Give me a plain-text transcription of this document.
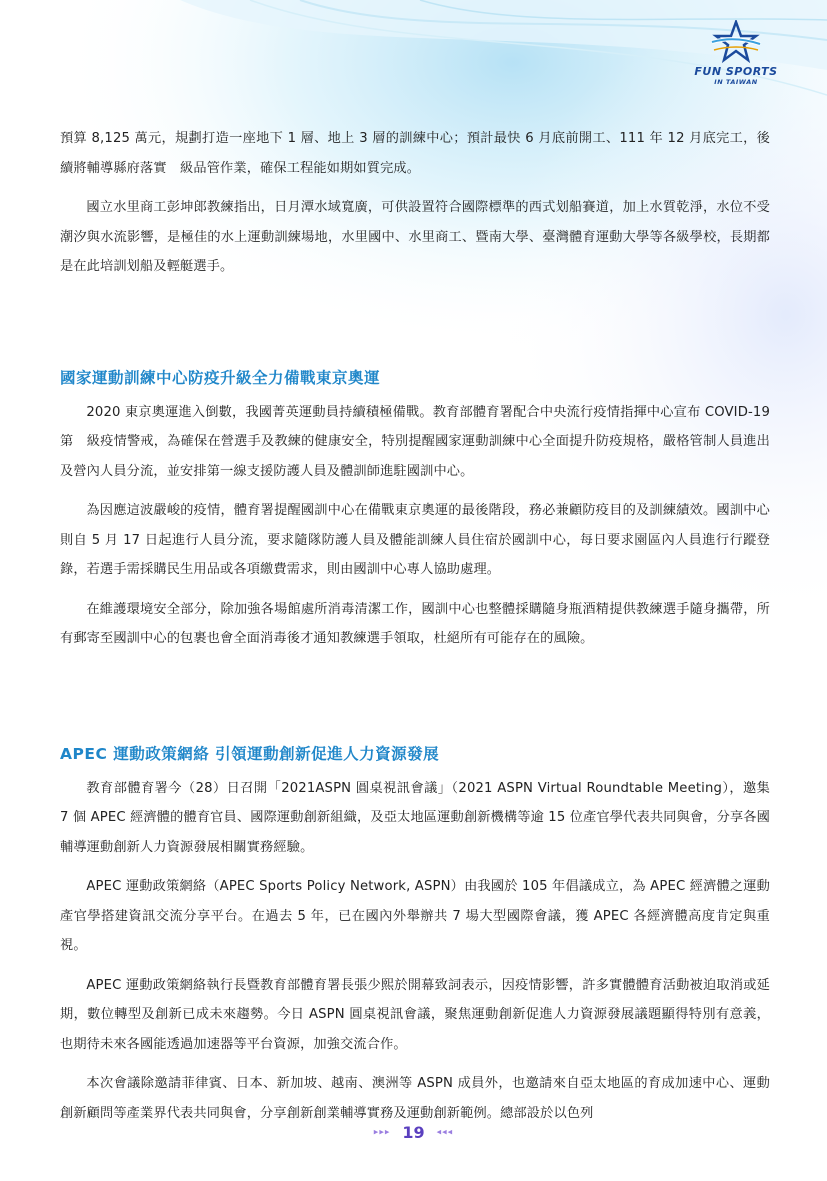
FUN SPORTS
IN TAIWAN

預算 8,125 萬元，規劃打造一座地下 1 層、地上 3 層的訓練中心；預計最快 6 月底前開工、111 年 12 月底完工，後續將輔導縣府落實　級品管作業，確保工程能如期如質完成。

國立水里商工彭坤郎教練指出，日月潭水域寬廣，可供設置符合國際標準的西式划船賽道，加上水質乾淨，水位不受潮汐與水流影響，是極佳的水上運動訓練場地，水里國中、水里商工、暨南大學、臺灣體育運動大學等各級學校，長期都是在此培訓划船及輕艇選手。

國家運動訓練中心防疫升級全力備戰東京奧運

2020 東京奧運進入倒數，我國菁英運動員持續積極備戰。教育部體育署配合中央流行疫情指揮中心宣布 COVID-19 第　級疫情警戒，為確保在營選手及教練的健康安全，特別提醒國家運動訓練中心全面提升防疫規格，嚴格管制人員進出及營內人員分流，並安排第一線支援防護人員及體訓師進駐國訓中心。

為因應這波嚴峻的疫情，體育署提醒國訓中心在備戰東京奧運的最後階段，務必兼顧防疫目的及訓練績效。國訓中心則自 5 月 17 日起進行人員分流，要求隨隊防護人員及體能訓練人員住宿於國訓中心，每日要求園區內人員進行行蹤登錄，若選手需採購民生用品或各項繳費需求，則由國訓中心專人協助處理。

在維護環境安全部分，除加強各場館處所消毒清潔工作，國訓中心也整體採購隨身瓶酒精提供教練選手隨身攜帶，所有郵寄至國訓中心的包裹也會全面消毒後才通知教練選手領取，杜絕所有可能存在的風險。

APEC 運動政策網絡 引領運動創新促進人力資源發展

教育部體育署今（28）日召開「2021ASPN 圓桌視訊會議」（2021 ASPN Virtual Roundtable Meeting），邀集 7 個 APEC 經濟體的體育官員、國際運動創新組織，及亞太地區運動創新機構等逾 15 位產官學代表共同與會，分享各國輔導運動創新人力資源發展相關實務經驗。

APEC 運動政策網絡（APEC Sports Policy Network, ASPN）由我國於 105 年倡議成立，為 APEC 經濟體之運動產官學搭建資訊交流分享平台。在過去 5 年，已在國內外舉辦共 7 場大型國際會議，獲 APEC 各經濟體高度肯定與重視。

APEC 運動政策網絡執行長暨教育部體育署長張少熙於開幕致詞表示，因疫情影響，許多實體體育活動被迫取消或延期，數位轉型及創新已成未來趨勢。今日 ASPN 圓桌視訊會議，聚焦運動創新促進人力資源發展議題顯得特別有意義，也期待未來各國能透過加速器等平台資源，加強交流合作。

本次會議除邀請菲律賓、日本、新加坡、越南、澳洲等 ASPN 成員外，也邀請來自亞太地區的育成加速中心、運動創新顧問等產業界代表共同與會，分享創新創業輔導實務及運動創新範例。總部設於以色列

▸▸▸ 19 ◂◂◂
